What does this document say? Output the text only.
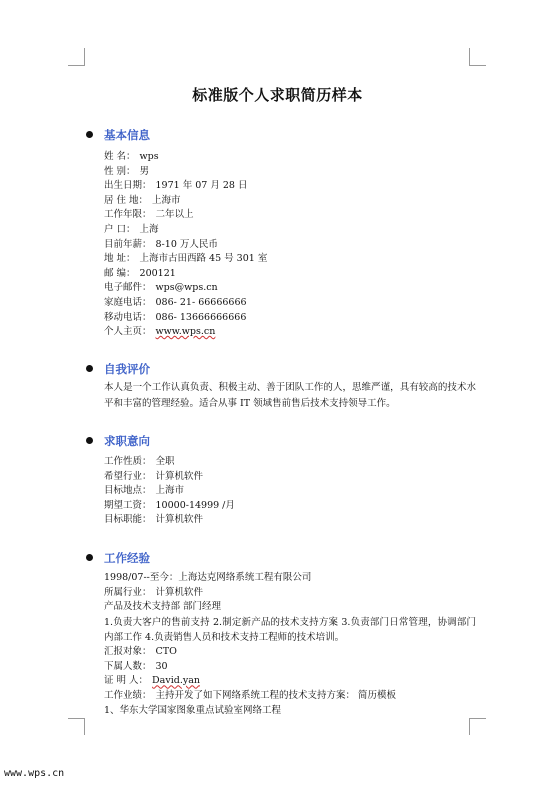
标准版个人求职简历样本
基本信息
姓 名： wps
性 别： 男
出生日期： 1971 年 07 月 28 日
居 住 地： 上海市
工作年限： 二年以上
户 口： 上海
目前年薪： 8-10 万人民币
地 址： 上海市古田西路 45 号 301 室
邮 编： 200121
电子邮件： wps@wps.cn
家庭电话： 086- 21- 66666666
移动电话： 086- 13666666666
个人主页： www.wps.cn
自我评价
本人是一个工作认真负责、积极主动、善于团队工作的人，思维严谨，具有较高的技术水平和丰富的管理经验。适合从事 IT 领域售前售后技术支持领导工作。
求职意向
工作性质： 全职
希望行业： 计算机软件
目标地点： 上海市
期望工资： 10000-14999 /月
目标职能： 计算机软件
工作经验
1998/07--至今：上海达克网络系统工程有限公司
所属行业： 计算机软件
产品及技术支持部 部门经理
1.负责大客户的售前支持 2.制定新产品的技术支持方案 3.负责部门日常管理，协调部门内部工作 4.负责销售人员和技术支持工程师的技术培训。
汇报对象： CTO
下属人数： 30
证 明 人： David.yan
工作业绩： 主持开发了如下网络系统工程的技术支持方案： 简历模板
1、华东大学国家图象重点试验室网络工程
www.wps.cn
